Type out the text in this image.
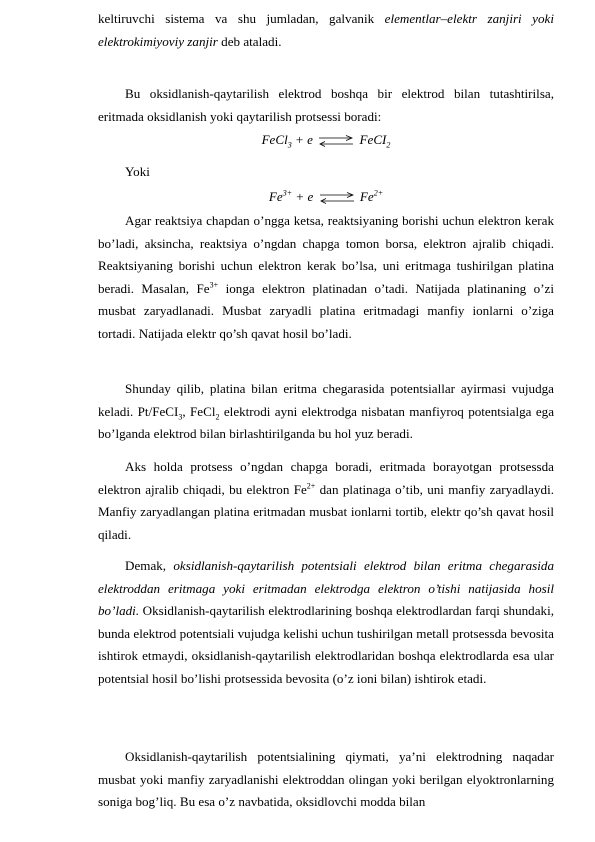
keltiruvchi sistema va shu jumladan, galvanik elementlar–elektr zanjiri yoki elektrokimiyoviy zanjir deb ataladi.

Bu oksidlanish-qaytarilish elektrod boshqa bir elektrod bilan tutashtirilsa, eritmada oksidlanish yoki qaytarilish protsessi boradi:

FeCl$_3$ + e ⇌ FeCI$_2$
Yoki
$Fe^{3+} + e$ ⇌ $Fe^{2+}$

Agar reaktsiya chapdan o’ngga ketsa, reaktsiyaning borishi uchun elektron kerak bo’ladi, aksincha, reaktsiya o’ngdan chapga tomon borsa, elektron ajralib chiqadi. Reaktsiyaning borishi uchun elektron kerak bo’lsa, uni eritmaga tushirilgan platina beradi. Masalan, $Fe^{3+}$ ionga elektron platinadan o’tadi. Natijada platinaning o’zi musbat zaryadlanadi. Musbat zaryadli platina eritmadagi manfiy ionlarni o’ziga tortadi. Natijada elektr qo’sh qavat hosil bo’ladi.

Shunday qilib, platina bilan eritma chegarasida potentsiallar ayirmasi vujudga keladi. Pt/FeCI$_3$, FeCl$_2$ elektrodi ayni elektrodga nisbatan manfiyroq potentsialga ega bo’lganda elektrod bilan birlashtirilganda bu hol yuz beradi.

Aks holda protsess o’ngdan chapga boradi, eritmada borayotgan protsessda elektron ajralib chiqadi, bu elektron $Fe^{2+}$ dan platinaga o’tib, uni manfiy zaryadlaydi. Manfiy zaryadlangan platina eritmadan musbat ionlarni tortib, elektr qo’sh qavat hosil qiladi.

Demak, oksidlanish-qaytarilish potentsiali elektrod bilan eritma chegarasida elektroddan eritmaga yoki eritmadan elektrodga elektron o’tishi natijasida hosil bo’ladi. Oksidlanish-qaytarilish elektrodlarining boshqa elektrodlardan farqi shundaki, bunda elektrod potentsiali vujudga kelishi uchun tushirilgan metall protsessda bevosita ishtirok etmaydi, oksidlanish-qaytarilish elektrodlaridan boshqa elektrodlarda esa ular potentsial hosil bo’lishi protsessida bevosita (o’z ioni bilan) ishtirok etadi.

Oksidlanish-qaytarilish potentsialining qiymati, ya’ni elektrodning naqadar musbat yoki manfiy zaryadlanishi elektroddan olingan yoki berilgan elyoktronlarning soniga bog’liq. Bu esa o’z navbatida, oksidlovchi modda bilan
